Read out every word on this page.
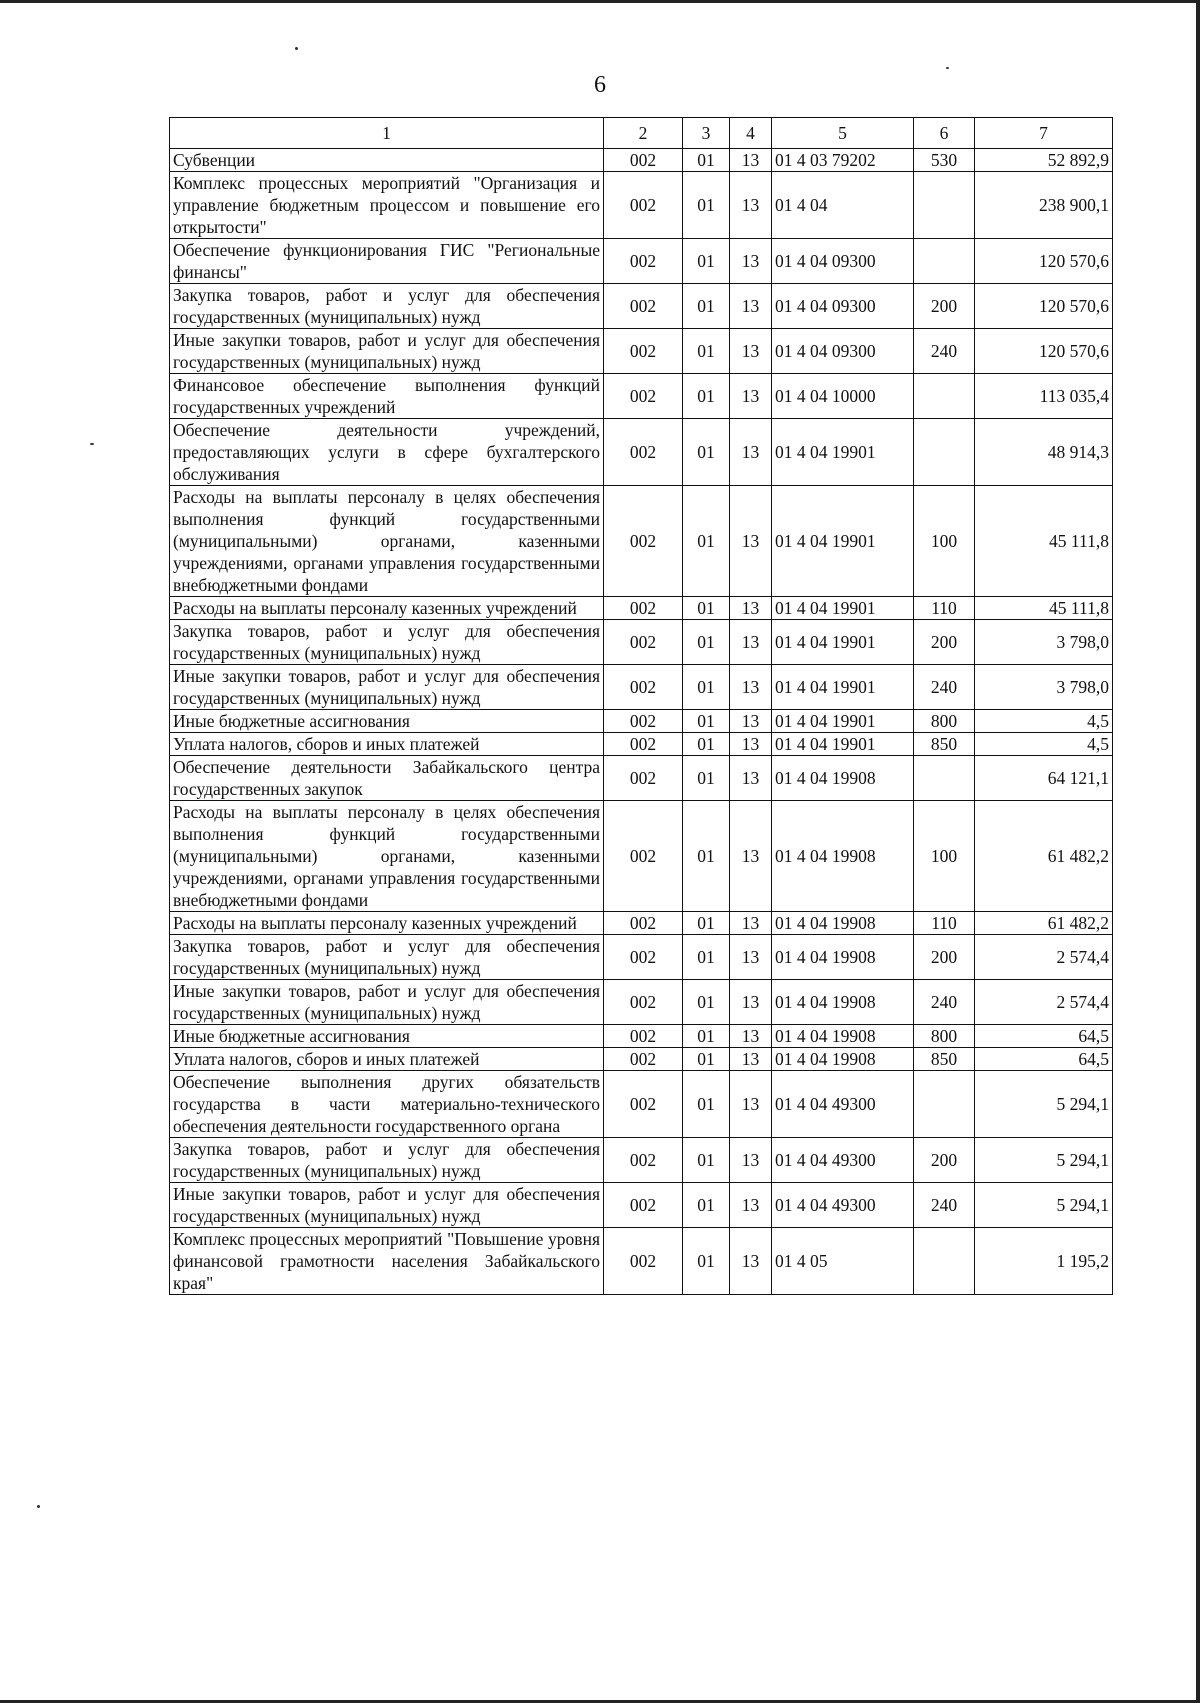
6
1	2	3	4	5	6	7
Субвенции	002	01	13	01 4 03 79202	530	52 892,9
Комплекс процессных мероприятий "Организация и управление бюджетным процессом и повышение его открытости"	002	01	13	01 4 04		238 900,1
Обеспечение функционирования ГИС "Региональные финансы"	002	01	13	01 4 04 09300		120 570,6
Закупка товаров, работ и услуг для обеспечения государственных (муниципальных) нужд	002	01	13	01 4 04 09300	200	120 570,6
Иные закупки товаров, работ и услуг для обеспечения государственных (муниципальных) нужд	002	01	13	01 4 04 09300	240	120 570,6
Финансовое обеспечение выполнения функций государственных учреждений	002	01	13	01 4 04 10000		113 035,4
Обеспечение деятельности учреждений, предоставляющих услуги в сфере бухгалтерского обслуживания	002	01	13	01 4 04 19901		48 914,3
Расходы на выплаты персоналу в целях обеспечения выполнения функций государственными (муниципальными) органами, казенными учреждениями, органами управления государственными внебюджетными фондами	002	01	13	01 4 04 19901	100	45 111,8
Расходы на выплаты персоналу казенных учреждений	002	01	13	01 4 04 19901	110	45 111,8
Закупка товаров, работ и услуг для обеспечения государственных (муниципальных) нужд	002	01	13	01 4 04 19901	200	3 798,0
Иные закупки товаров, работ и услуг для обеспечения государственных (муниципальных) нужд	002	01	13	01 4 04 19901	240	3 798,0
Иные бюджетные ассигнования	002	01	13	01 4 04 19901	800	4,5
Уплата налогов, сборов и иных платежей	002	01	13	01 4 04 19901	850	4,5
Обеспечение деятельности Забайкальского центра государственных закупок	002	01	13	01 4 04 19908		64 121,1
Расходы на выплаты персоналу в целях обеспечения выполнения функций государственными (муниципальными) органами, казенными учреждениями, органами управления государственными внебюджетными фондами	002	01	13	01 4 04 19908	100	61 482,2
Расходы на выплаты персоналу казенных учреждений	002	01	13	01 4 04 19908	110	61 482,2
Закупка товаров, работ и услуг для обеспечения государственных (муниципальных) нужд	002	01	13	01 4 04 19908	200	2 574,4
Иные закупки товаров, работ и услуг для обеспечения государственных (муниципальных) нужд	002	01	13	01 4 04 19908	240	2 574,4
Иные бюджетные ассигнования	002	01	13	01 4 04 19908	800	64,5
Уплата налогов, сборов и иных платежей	002	01	13	01 4 04 19908	850	64,5
Обеспечение выполнения других обязательств государства в части материально-технического обеспечения деятельности государственного органа	002	01	13	01 4 04 49300		5 294,1
Закупка товаров, работ и услуг для обеспечения государственных (муниципальных) нужд	002	01	13	01 4 04 49300	200	5 294,1
Иные закупки товаров, работ и услуг для обеспечения государственных (муниципальных) нужд	002	01	13	01 4 04 49300	240	5 294,1
Комплекс процессных мероприятий "Повышение уровня финансовой грамотности населения Забайкальского края"	002	01	13	01 4 05		1 195,2
